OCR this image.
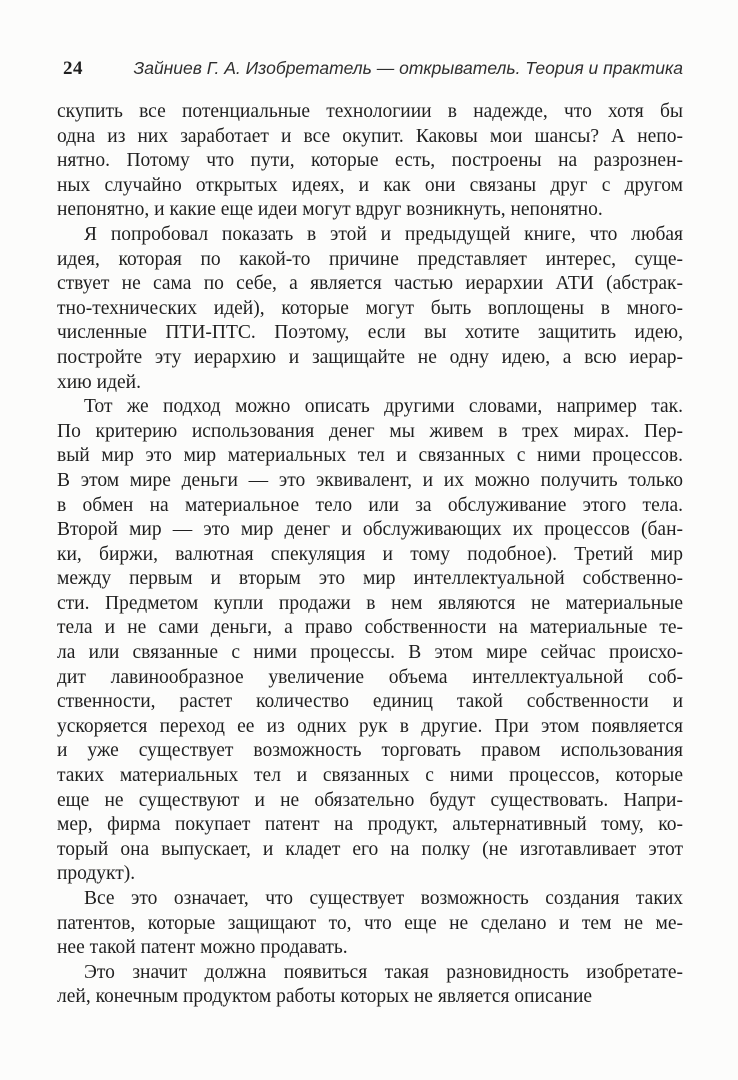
24	Зайниев Г. А. Изобретатель — открыватель. Теория и практика
скупить все потенциальные технологиии в надежде, что хотя бы
одна из них заработает и все окупит. Каковы мои шансы? А непо-
нятно. Потому что пути, которые есть, построены на разрознен-
ных случайно открытых идеях, и как они связаны друг с другом
непонятно, и какие еще идеи могут вдруг возникнуть, непонятно.
Я попробовал показать в этой и предыдущей книге, что любая
идея, которая по какой-то причине представляет интерес, суще-
ствует не сама по себе, а является частью иерархии АТИ (абстрак-
тно-технических идей), которые могут быть воплощены в много-
численные ПТИ-ПТС. Поэтому, если вы хотите защитить идею,
постройте эту иерархию и защищайте не одну идею, а всю иерар-
хию идей.
Тот же подход можно описать другими словами, например так.
По критерию использования денег мы живем в трех мирах. Пер-
вый мир это мир материальных тел и связанных с ними процессов.
В этом мире деньги — это эквивалент, и их можно получить только
в обмен на материальное тело или за обслуживание этого тела.
Второй мир — это мир денег и обслуживающих их процессов (бан-
ки, биржи, валютная спекуляция и тому подобное). Третий мир
между первым и вторым это мир интеллектуальной собственно-
сти. Предметом купли продажи в нем являются не материальные
тела и не сами деньги, а право собственности на материальные те-
ла или связанные с ними процессы. В этом мире сейчас происхо-
дит лавинообразное увеличение объема интеллектуальной соб-
ственности, растет количество единиц такой собственности и
ускоряется переход ее из одних рук в другие. При этом появляется
и уже существует возможность торговать правом использования
таких материальных тел и связанных с ними процессов, которые
еще не существуют и не обязательно будут существовать. Напри-
мер, фирма покупает патент на продукт, альтернативный тому, ко-
торый она выпускает, и кладет его на полку (не изготавливает этот
продукт).
Все это означает, что существует возможность создания таких
патентов, которые защищают то, что еще не сделано и тем не ме-
нее такой патент можно продавать.
Это значит должна появиться такая разновидность изобретате-
лей, конечным продуктом работы которых не является описание
